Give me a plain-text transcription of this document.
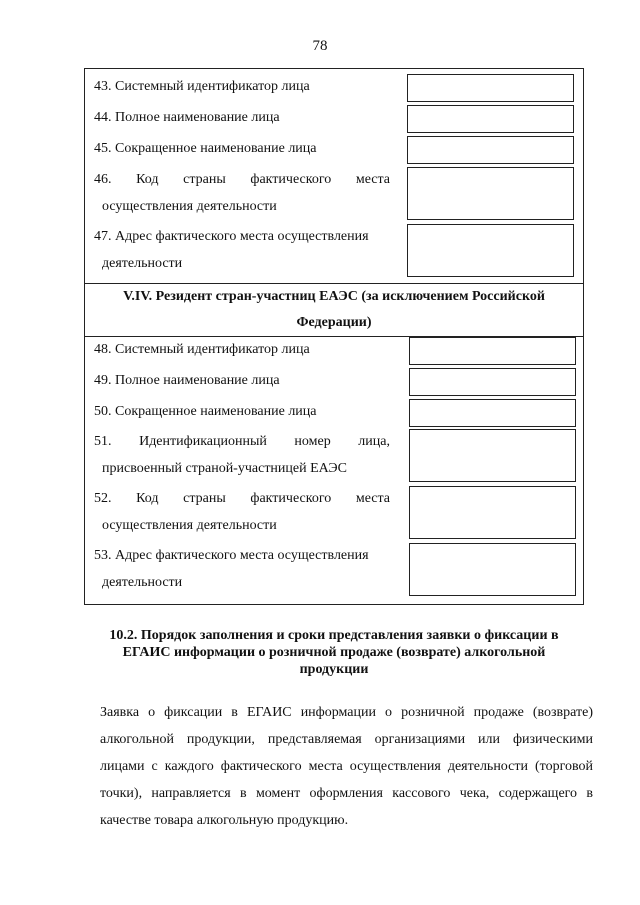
78
43. Системный идентификатор лица
44. Полное наименование лица
45. Сокращенное наименование лица
46. Код страны фактического места
осуществления деятельности
47. Адрес фактического места осуществления
деятельности
V.IV. Резидент стран-участниц ЕАЭС (за исключением Российской
Федерации)
48. Системный идентификатор лица
49. Полное наименование лица
50. Сокращенное наименование лица
51. Идентификационный номер лица,
присвоенный страной-участницей ЕАЭС
52. Код страны фактического места
осуществления деятельности
53. Адрес фактического места осуществления
деятельности
10.2. Порядок заполнения и сроки представления заявки о фиксации в
ЕГАИС информации о розничной продаже (возврате) алкогольной
продукции
Заявка о фиксации в ЕГАИС информации о розничной продаже (возврате) алкогольной продукции, представляемая организациями или физическими лицами с каждого фактического места осуществления деятельности (торговой точки), направляется в момент оформления кассового чека, содержащего в качестве товара алкогольную продукцию.
